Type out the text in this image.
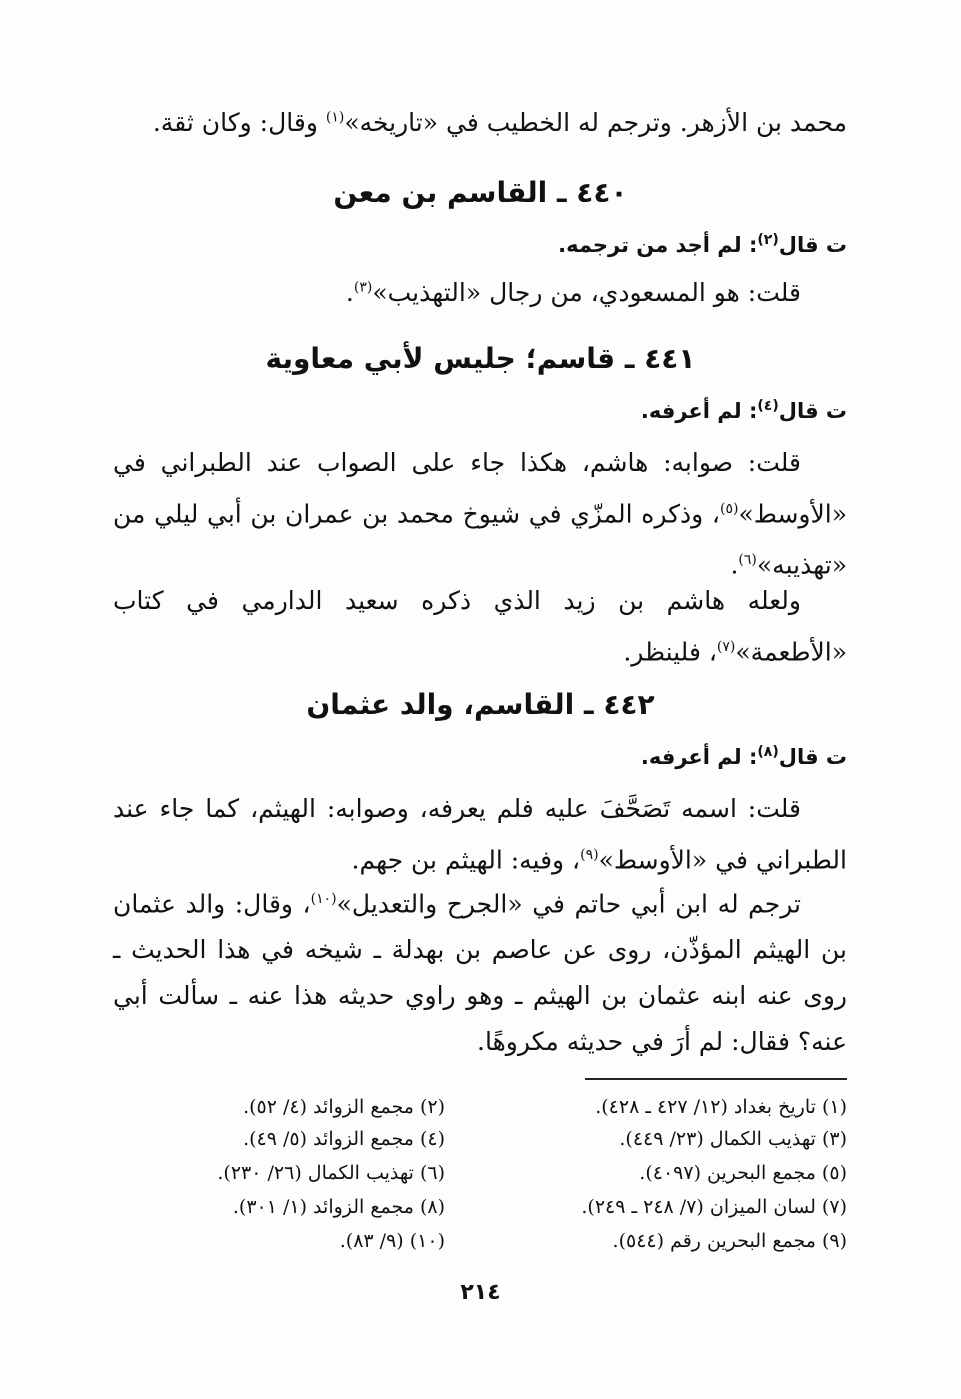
محمد بن الأزهر. وترجم له الخطيب في «تاريخه»$^{(١)}$ وقال: وكان ثقة.
٤٤٠ ـ القاسم بن معن
ت قال$^{(٢)}$: لم أجد من ترجمه.
قلت: هو المسعودي، من رجال «التهذيب»$^{(٣)}$.
٤٤١ ـ قاسم؛ جليس لأبي معاوية
ت قال$^{(٤)}$: لم أعرفه.
قلت: صوابه: هاشم، هكذا جاء على الصواب عند الطبراني في «الأوسط»$^{(٥)}$، وذكره المزّي في شيوخ محمد بن عمران بن أبي ليلي من «تهذيبه»$^{(٦)}$.
ولعله هاشم بن زيد الذي ذكره سعيد الدارمي في كتاب «الأطعمة»$^{(٧)}$، فلينظر.
٤٤٢ ـ القاسم، والد عثمان
ت قال$^{(٨)}$: لم أعرفه.
قلت: اسمه تَصَحَّفَ عليه فلم يعرفه، وصوابه: الهيثم، كما جاء عند الطبراني في «الأوسط»$^{(٩)}$، وفيه: الهيثم بن جهم.
ترجم له ابن أبي حاتم في «الجرح والتعديل»$^{(١٠)}$، وقال: والد عثمان بن الهيثم المؤذّن، روى عن عاصم بن بهدلة ـ شيخه في هذا الحديث ـ روى عنه ابنه عثمان بن الهيثم ـ وهو راوي حديثه هذا عنه ـ سألت أبي عنه؟ فقال: لم أرَ في حديثه مكروهًا.
(١) تاريخ بغداد (١٢/ ٤٢٧ ـ ٤٢٨).
(٣) تهذيب الكمال (٢٣/ ٤٤٩).
(٥) مجمع البحرين (٤٠٩٧).
(٧) لسان الميزان (٧/ ٢٤٨ ـ ٢٤٩).
(٩) مجمع البحرين رقم (٥٤٤).
(٢) مجمع الزوائد (٤/ ٥٢).
(٤) مجمع الزوائد (٥/ ٤٩).
(٦) تهذيب الكمال (٢٦/ ٢٣٠).
(٨) مجمع الزوائد (١/ ٣٠١).
(١٠) (٩/ ٨٣).
٢١٤
